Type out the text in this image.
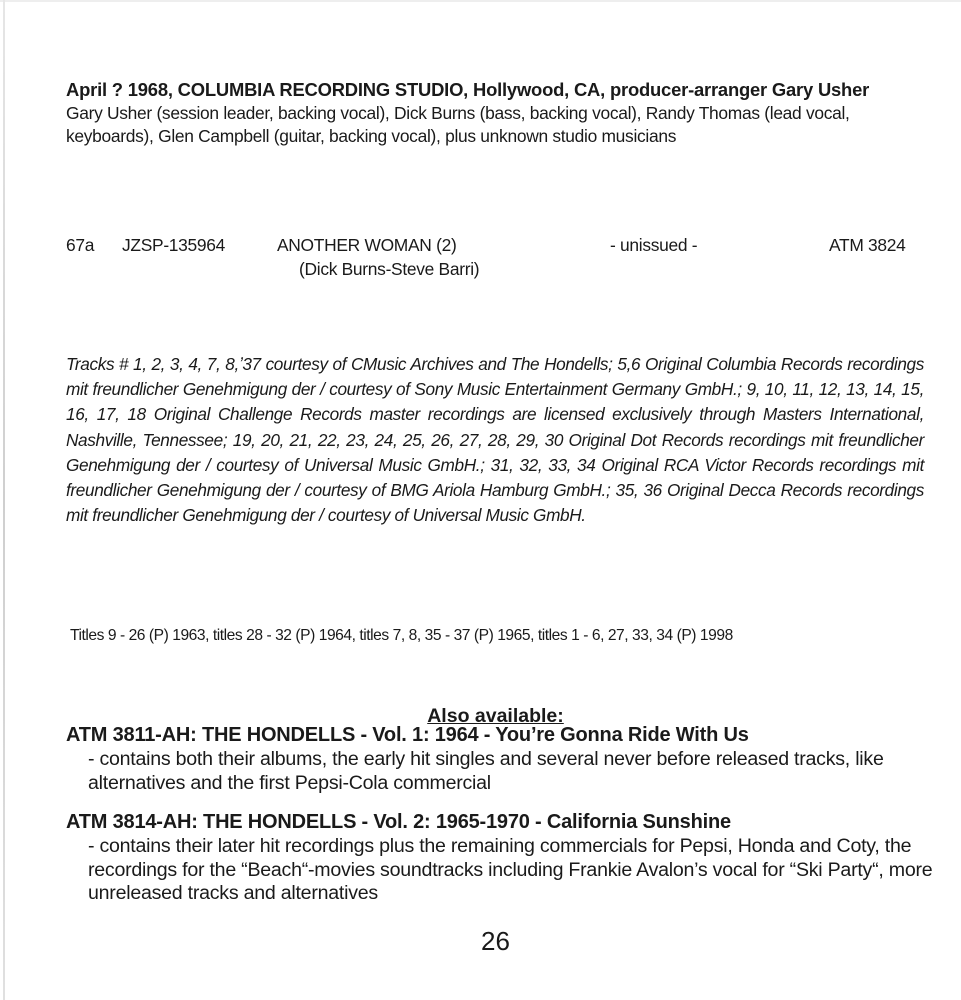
April ? 1968, COLUMBIA RECORDING STUDIO, Hollywood, CA, producer-arranger Gary Usher
Gary Usher (session leader, backing vocal), Dick Burns (bass, backing vocal), Randy Thomas (lead vocal, keyboards), Glen Campbell (guitar, backing vocal), plus unknown studio musicians
67a JZSP-135964	ANOTHER WOMAN (2)
(Dick Burns-Steve Barri)
- unissued -	ATM 3824

Tracks # 1, 2, 3, 4, 7, 8,ʼ37 courtesy of CMusic Archives and The Hondells; 5,6 Original Columbia Records recordings mit freundlicher Genehmigung der / courtesy of Sony Music Entertainment Germany GmbH.; 9, 10, 11, 12, 13, 14, 15, 16, 17, 18 Original Challenge Records master recordings are licensed exclusively through Masters International, Nashville, Tennessee; 19, 20, 21, 22, 23, 24, 25, 26, 27, 28, 29, 30 Original Dot Records recordings mit freundlicher Genehmigung der / courtesy of Universal Music GmbH.; 31, 32, 33, 34 Original RCA Victor Records recordings mit freundlicher Genehmigung der / courtesy of BMG Ariola Hamburg GmbH.; 35, 36 Original Decca Records recordings mit freundlicher Genehmigung der / courtesy of Universal Music GmbH.

Titles 9 - 26 (P) 1963, titles 28 - 32 (P) 1964, titles 7, 8, 35 - 37 (P) 1965, titles 1 - 6, 27, 33, 34 (P) 1998
Also available:
ATM 3811-AH: THE HONDELLS - Vol. 1: 1964 - You’re Gonna Ride With Us
- contains both their albums, the early hit singles and several never before released tracks, like alternatives and the first Pepsi-Cola commercial
ATM 3814-AH: THE HONDELLS - Vol. 2: 1965-1970 - California Sunshine
- contains their later hit recordings plus the remaining commercials for Pepsi, Honda and Coty, the recordings for the “Beach“-movies soundtracks including Frankie Avalon’s vocal for “Ski Party“, more unreleased tracks and alternatives
26
